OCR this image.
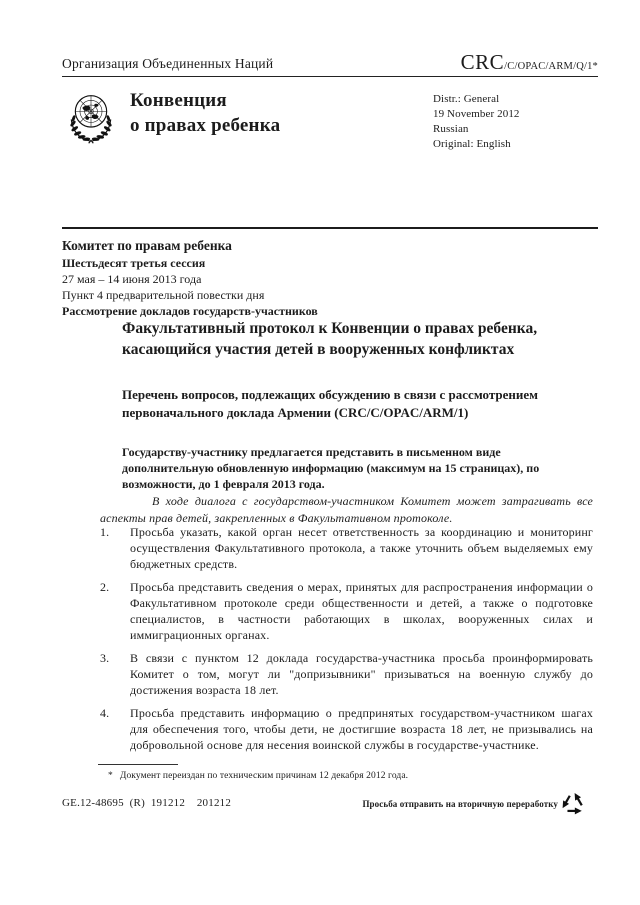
Организация Объединенных Наций	CRC/C/OPAC/ARM/Q/1*
Конвенция
о правах ребенка
Distr.: General
19 November 2012
Russian
Original: English
Комитет по правам ребенка
Шестьдесят третья сессия
27 мая – 14 июня 2013 года
Пункт 4 предварительной повестки дня
Рассмотрение докладов государств-участников
Факультативный протокол к Конвенции о правах ребенка, касающийся участия детей в вооруженных конфликтах
Перечень вопросов, подлежащих обсуждению в связи с рассмотрением первоначального доклада Армении (CRC/C/OPAC/ARM/1)
Государству-участнику предлагается представить в письменном виде дополнительную обновленную информацию (максимум на 15 страницах), по возможности, до 1 февраля 2013 года.
В ходе диалога с государством-участником Комитет может затрагивать все аспекты прав детей, закрепленных в Факультативном протоколе.
1. Просьба указать, какой орган несет ответственность за координацию и мониторинг осуществления Факультативного протокола, а также уточнить объем выделяемых ему бюджетных средств.
2. Просьба представить сведения о мерах, принятых для распространения информации о Факультативном протоколе среди общественности и детей, а также о подготовке специалистов, в частности работающих в школах, вооруженных силах и иммиграционных органах.
3. В связи с пунктом 12 доклада государства-участника просьба проинформировать Комитет о том, могут ли "допризывники" призываться на военную службу до достижения возраста 18 лет.
4. Просьба представить информацию о предпринятых государством-участником шагах для обеспечения того, чтобы дети, не достигшие возраста 18 лет, не призывались на добровольной основе для несения воинской службы в государстве-участнике.
* Документ переиздан по техническим причинам 12 декабря 2012 года.
GE.12-48695  (R)  191212    201212	Просьба отправить на вторичную переработку
